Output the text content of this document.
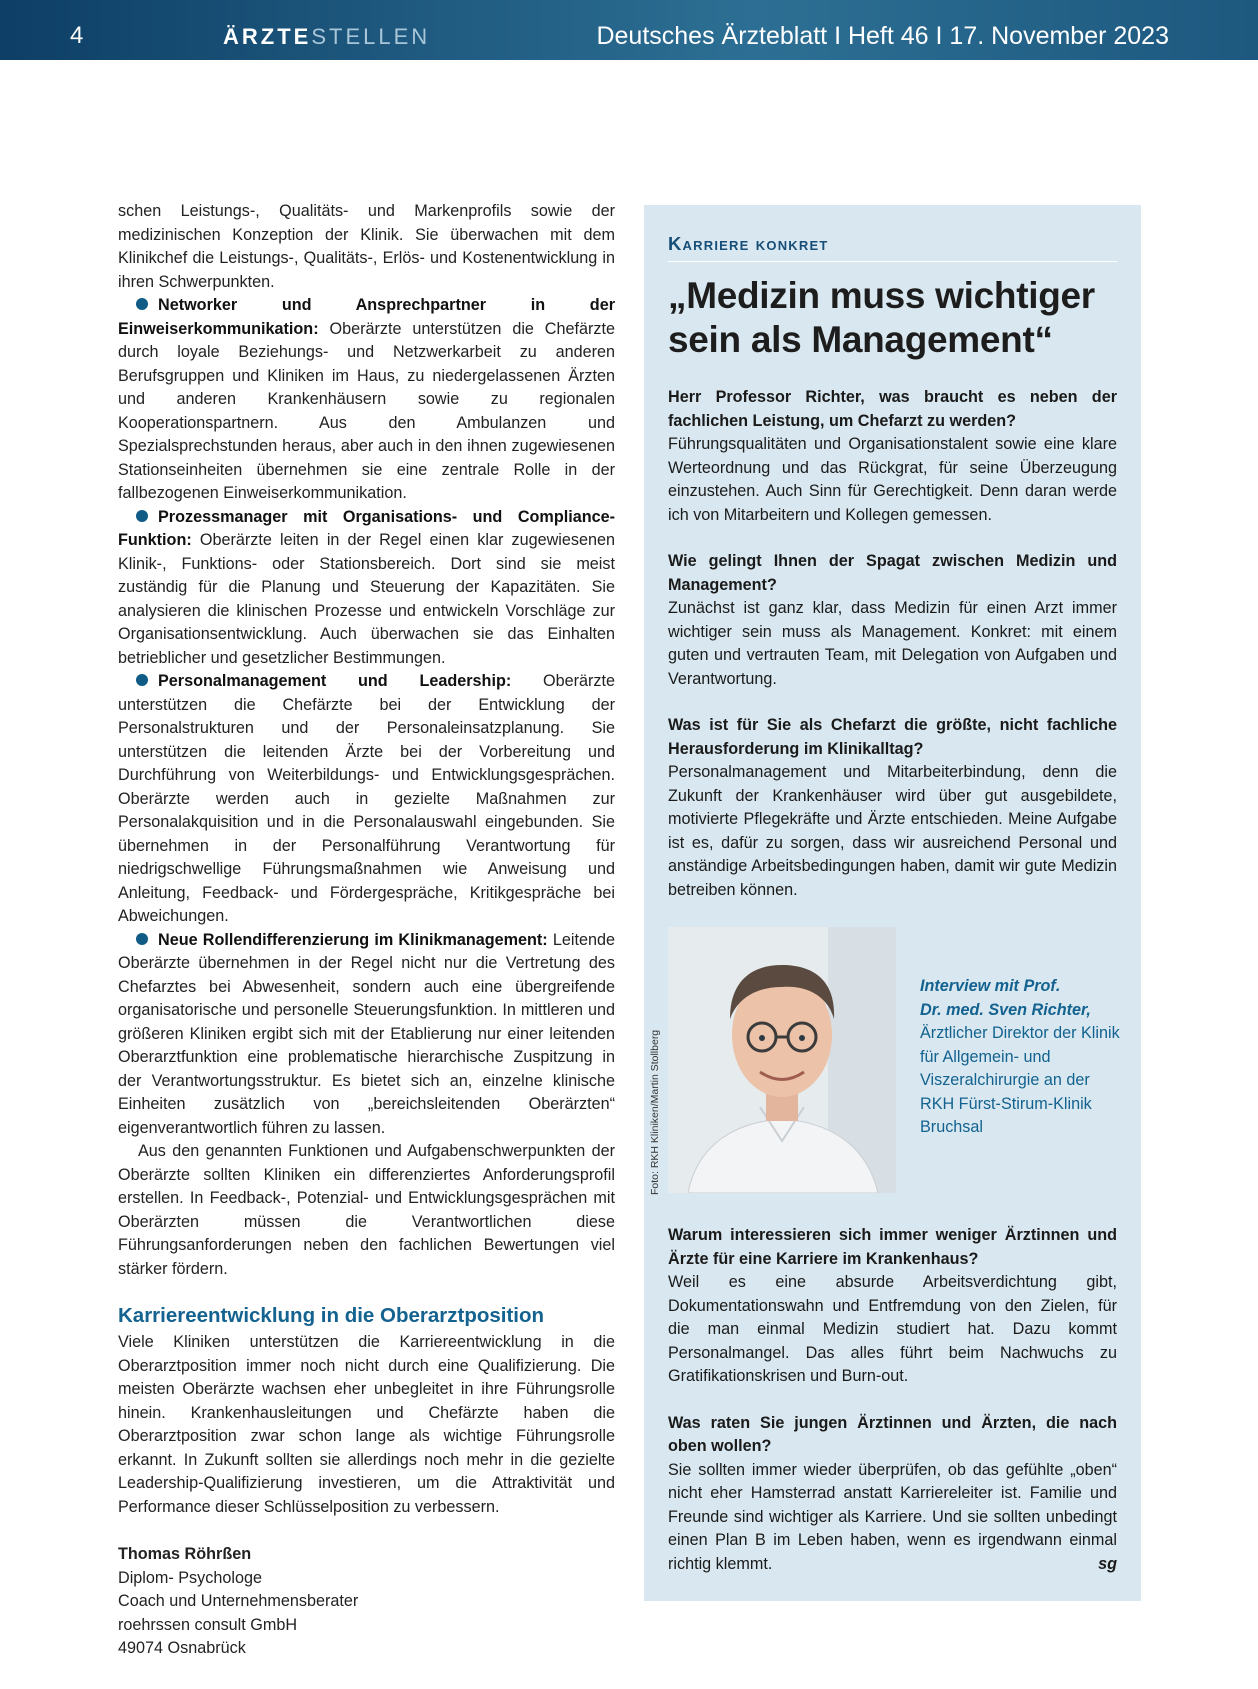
4	ÄRZTESTELLEN	Deutsches Ärzteblatt I Heft 46 I 17. November 2023

schen Leistungs-, Qualitäts- und Markenprofils sowie der medizinischen Konzeption der Klinik. Sie überwachen mit dem Klinikchef die Leistungs-, Qualitäts-, Erlös- und Kostenentwicklung in ihren Schwerpunkten.

Networker und Ansprechpartner in der Einweiserkommunikation: Oberärzte unterstützen die Chefärzte durch loyale Beziehungs- und Netzwerkarbeit zu anderen Berufsgruppen und Kliniken im Haus, zu niedergelassenen Ärzten und anderen Krankenhäusern sowie zu regionalen Kooperationspartnern. Aus den Ambulanzen und Spezialsprechstunden heraus, aber auch in den ihnen zugewiesenen Stationseinheiten übernehmen sie eine zentrale Rolle in der fallbezogenen Einweiserkommunikation.

Prozessmanager mit Organisations- und Compliance-Funktion: Oberärzte leiten in der Regel einen klar zugewiesenen Klinik-, Funktions- oder Stationsbereich. Dort sind sie meist zuständig für die Planung und Steuerung der Kapazitäten. Sie analysieren die klinischen Prozesse und entwickeln Vorschläge zur Organisationsentwicklung. Auch überwachen sie das Einhalten betrieblicher und gesetzlicher Bestimmungen.

Personalmanagement und Leadership: Oberärzte unterstützen die Chefärzte bei der Entwicklung der Personalstrukturen und der Personaleinsatzplanung. Sie unterstützen die leitenden Ärzte bei der Vorbereitung und Durchführung von Weiterbildungs- und Entwicklungsgesprächen. Oberärzte werden auch in gezielte Maßnahmen zur Personalakquisition und in die Personalauswahl eingebunden. Sie übernehmen in der Personalführung Verantwortung für niedrigschwellige Führungsmaßnahmen wie Anweisung und Anleitung, Feedback- und Fördergespräche, Kritikgespräche bei Abweichungen.

Neue Rollendifferenzierung im Klinikmanagement: Leitende Oberärzte übernehmen in der Regel nicht nur die Vertretung des Chefarztes bei Abwesenheit, sondern auch eine übergreifende organisatorische und personelle Steuerungsfunktion. In mittleren und größeren Kliniken ergibt sich mit der Etablierung nur einer leitenden Oberarztfunktion eine problematische hierarchische Zuspitzung in der Verantwortungsstruktur. Es bietet sich an, einzelne klinische Einheiten zusätzlich von „bereichsleitenden Oberärzten“ eigenverantwortlich führen zu lassen.

Aus den genannten Funktionen und Aufgabenschwerpunkten der Oberärzte sollten Kliniken ein differenziertes Anforderungsprofil erstellen. In Feedback-, Potenzial- und Entwicklungsgesprächen mit Oberärzten müssen die Verantwortlichen diese Führungsanforderungen neben den fachlichen Bewertungen viel stärker fördern.

Karriereentwicklung in die Oberarztposition

Viele Kliniken unterstützen die Karriereentwicklung in die Oberarztposition immer noch nicht durch eine Qualifizierung. Die meisten Oberärzte wachsen eher unbegleitet in ihre Führungsrolle hinein. Krankenhausleitungen und Chefärzte haben die Oberarztposition zwar schon lange als wichtige Führungsrolle erkannt. In Zukunft sollten sie allerdings noch mehr in die gezielte Leadership-Qualifizierung investieren, um die Attraktivität und Performance dieser Schlüsselposition zu verbessern.

Thomas Röhrßen
Diplom- Psychologe
Coach und Unternehmensberater
roehrssen consult GmbH
49074 Osnabrück
Karriere konkret
„Medizin muss wichtiger sein als Management“

Herr Professor Richter, was braucht es neben der fachlichen Leistung, um Chefarzt zu werden?

Führungsqualitäten und Organisationstalent sowie eine klare Werteordnung und das Rückgrat, für seine Überzeugung einzustehen. Auch Sinn für Gerechtigkeit. Denn daran werde ich von Mitarbeitern und Kollegen gemessen.

Wie gelingt Ihnen der Spagat zwischen Medizin und Management?

Zunächst ist ganz klar, dass Medizin für einen Arzt immer wichtiger sein muss als Management. Konkret: mit einem guten und vertrauten Team, mit Delegation von Aufgaben und Verantwortung.

Was ist für Sie als Chefarzt die größte, nicht fachliche Herausforderung im Klinikalltag?

Personalmanagement und Mitarbeiterbindung, denn die Zukunft der Krankenhäuser wird über gut ausgebildete, motivierte Pflegekräfte und Ärzte entschieden. Meine Aufgabe ist es, dafür zu sorgen, dass wir ausreichend Personal und anständige Arbeitsbedingungen haben, damit wir gute Medizin betreiben können.

Foto: RKH Kliniken/Martin Stollberg
Interview mit Prof.
Dr. med. Sven Richter,
Ärztlicher Direktor der Klinik für Allgemein- und Viszeralchirurgie an der RKH Fürst-Stirum-Klinik Bruchsal

Warum interessieren sich immer weniger Ärztinnen und Ärzte für eine Karriere im Krankenhaus?

Weil es eine absurde Arbeitsverdichtung gibt, Dokumentationswahn und Entfremdung von den Zielen, für die man einmal Medizin studiert hat. Dazu kommt Personalmangel. Das alles führt beim Nachwuchs zu Gratifikationskrisen und Burn-out.

Was raten Sie jungen Ärztinnen und Ärzten, die nach oben wollen?

Sie sollten immer wieder überprüfen, ob das gefühlte „oben“ nicht eher Hamsterrad anstatt Karriereleiter ist. Familie und Freunde sind wichtiger als Karriere. Und sie sollten unbedingt einen Plan B im Leben haben, wenn es irgendwann einmal richtig klemmt.	sg
